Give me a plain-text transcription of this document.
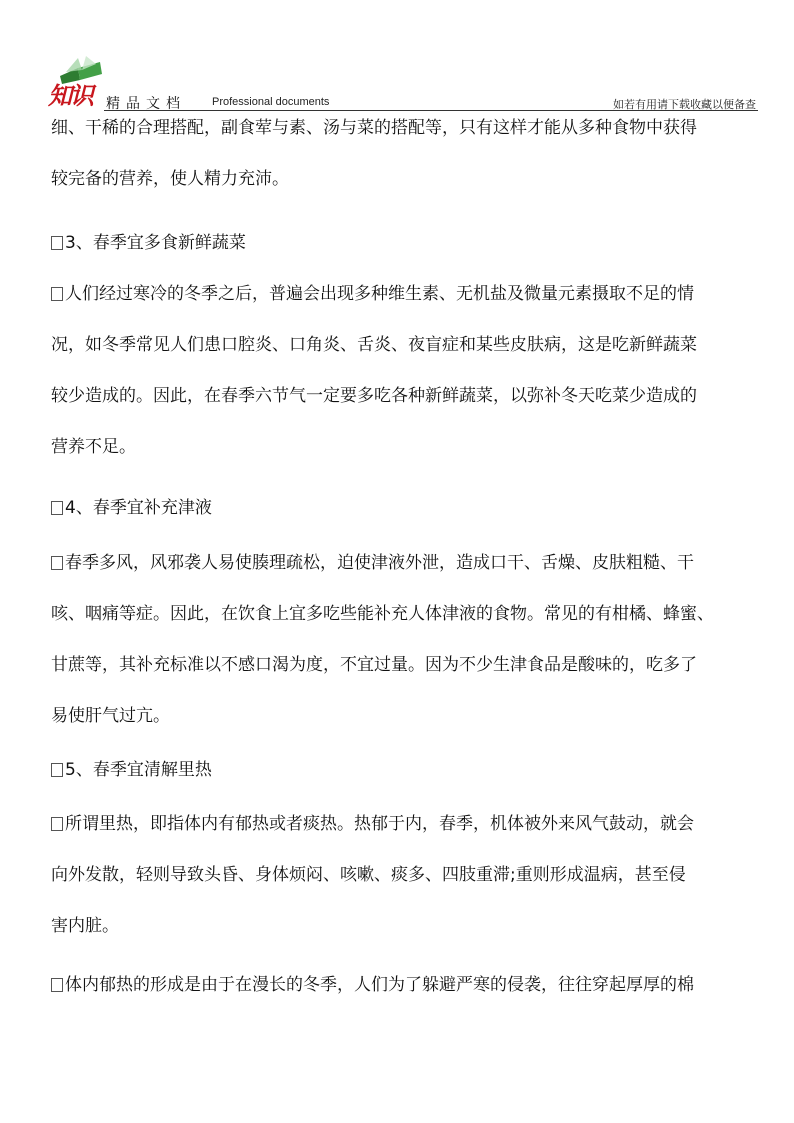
知识 精品文档 Professional documents	如若有用请下载收藏以便备查
细、干稀的合理搭配，副食荤与素、汤与菜的搭配等，只有这样才能从多种食物中获得
较完备的营养，使人精力充沛。
3、春季宜多食新鲜蔬菜
人们经过寒冷的冬季之后，普遍会出现多种维生素、无机盐及微量元素摄取不足的情
况，如冬季常见人们患口腔炎、口角炎、舌炎、夜盲症和某些皮肤病，这是吃新鲜蔬菜
较少造成的。因此，在春季六节气一定要多吃各种新鲜蔬菜，以弥补冬天吃菜少造成的
营养不足。
4、春季宜补充津液
春季多风，风邪袭人易使腠理疏松，迫使津液外泄，造成口干、舌燥、皮肤粗糙、干
咳、咽痛等症。因此，在饮食上宜多吃些能补充人体津液的食物。常见的有柑橘、蜂蜜、
甘蔗等，其补充标准以不感口渴为度，不宜过量。因为不少生津食品是酸味的，吃多了
易使肝气过亢。
5、春季宜清解里热
所谓里热，即指体内有郁热或者痰热。热郁于内，春季，机体被外来风气鼓动，就会
向外发散，轻则导致头昏、身体烦闷、咳嗽、痰多、四肢重滞;重则形成温病，甚至侵
害内脏。
体内郁热的形成是由于在漫长的冬季，人们为了躲避严寒的侵袭，往往穿起厚厚的棉
